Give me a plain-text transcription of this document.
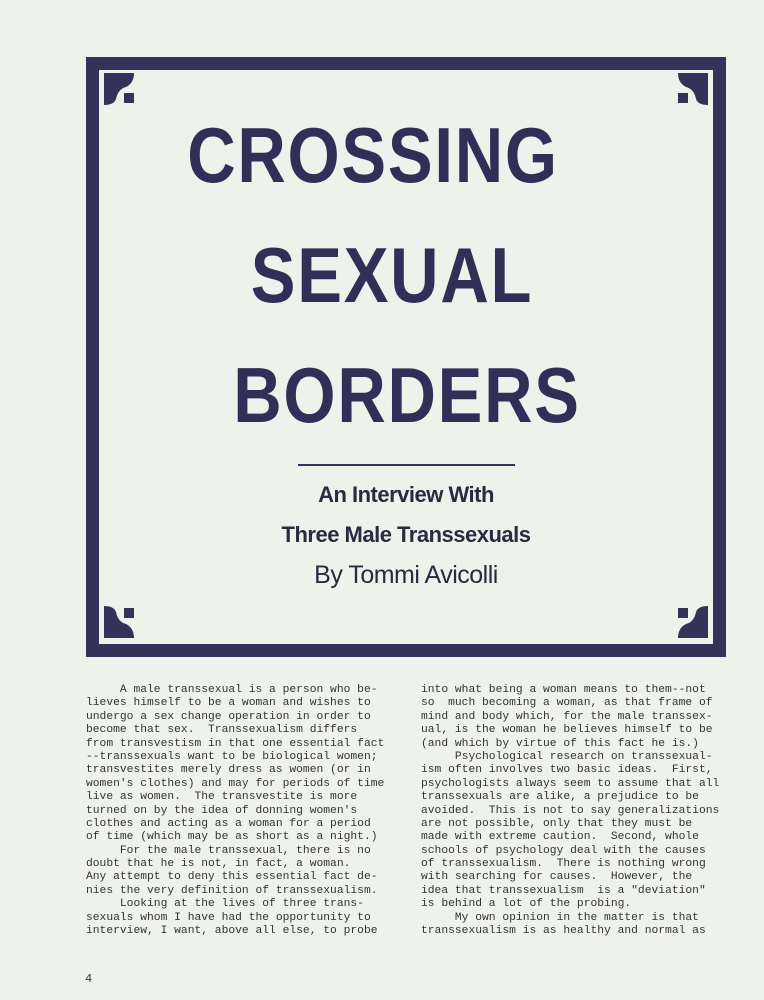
CROSSING
SEXUAL
BORDERS
An Interview With
Three Male Transsexuals
By Tommi Avicolli
A male transsexual is a person who be-
lieves himself to be a woman and wishes to
undergo a sex change operation in order to
become that sex.  Transsexualism differs
from transvestism in that one essential fact
--transsexuals want to be biological women;
transvestites merely dress as women (or in
women's clothes) and may for periods of time
live as women.  The transvestite is more
turned on by the idea of donning women's
clothes and acting as a woman for a period
of time (which may be as short as a night.)
For the male transsexual, there is no
doubt that he is not, in fact, a woman.
Any attempt to deny this essential fact de-
nies the very definition of transsexualism.
Looking at the lives of three trans-
sexuals whom I have had the opportunity to
interview, I want, above all else, to probe
into what being a woman means to them--not
so  much becoming a woman, as that frame of
mind and body which, for the male transsex-
ual, is the woman he believes himself to be
(and which by virtue of this fact he is.)
Psychological research on transsexual-
ism often involves two basic ideas.  First,
psychologists always seem to assume that all
transsexuals are alike, a prejudice to be
avoided.  This is not to say generalizations
are not possible, only that they must be
made with extreme caution.  Second, whole
schools of psychology deal with the causes
of transsexualism.  There is nothing wrong
with searching for causes.  However, the
idea that transsexualism  is a "deviation"
is behind a lot of the probing.
My own opinion in the matter is that
transsexualism is as healthy and normal as
4
